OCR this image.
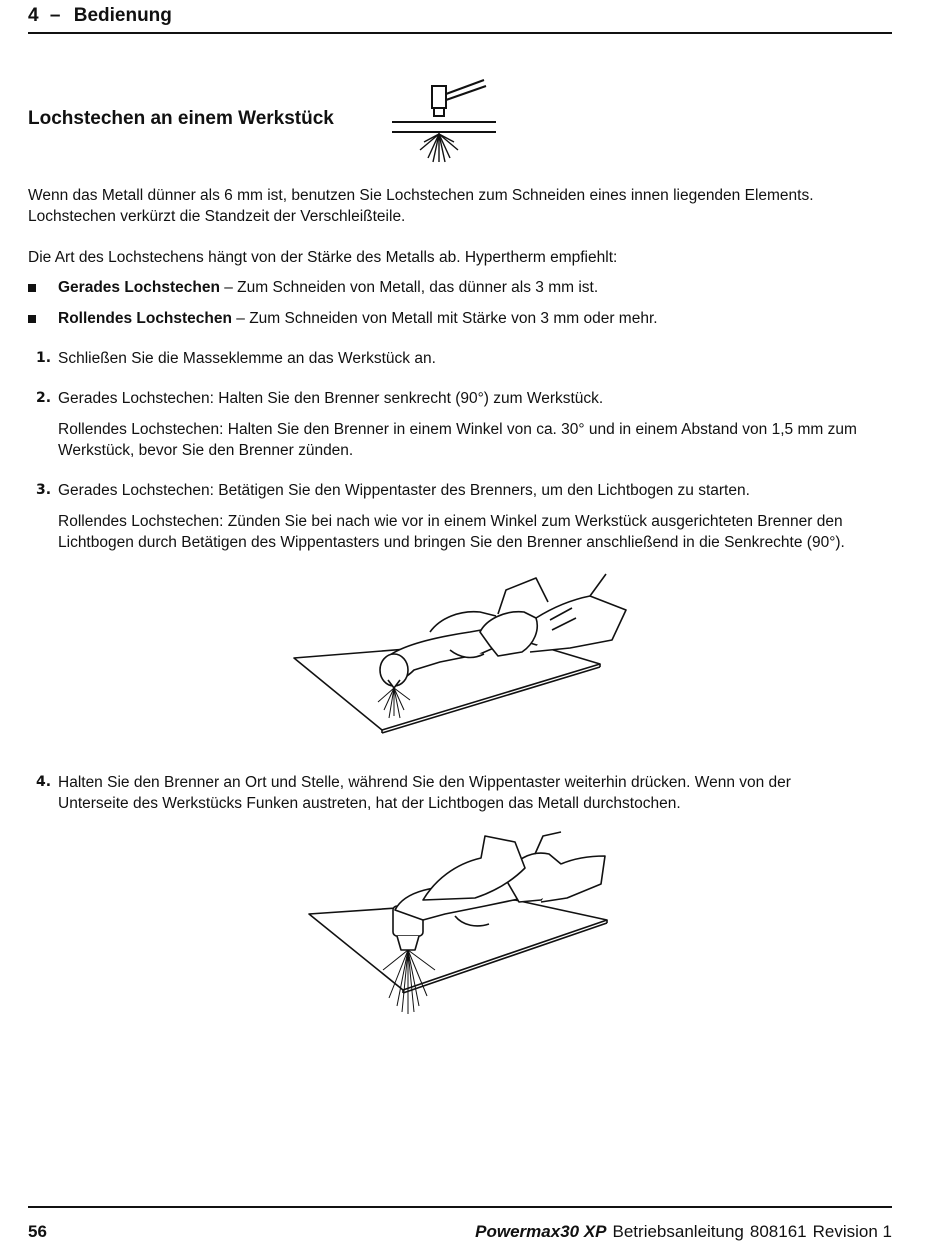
4 – Bedienung
Lochstechen an einem Werkstück
Wenn das Metall dünner als 6 mm ist, benutzen Sie Lochstechen zum Schneiden eines innen liegenden Elements.
Lochstechen verkürzt die Standzeit der Verschleißteile.
Die Art des Lochstechens hängt von der Stärke des Metalls ab. Hypertherm empfiehlt:
Gerades Lochstechen – Zum Schneiden von Metall, das dünner als 3 mm ist.
Rollendes Lochstechen – Zum Schneiden von Metall mit Stärke von 3 mm oder mehr.
1. Schließen Sie die Masseklemme an das Werkstück an.
2. Gerades Lochstechen: Halten Sie den Brenner senkrecht (90°) zum Werkstück.
Rollendes Lochstechen: Halten Sie den Brenner in einem Winkel von ca. 30° und in einem Abstand von 1,5 mm zum
Werkstück, bevor Sie den Brenner zünden.
3. Gerades Lochstechen: Betätigen Sie den Wippentaster des Brenners, um den Lichtbogen zu starten.
Rollendes Lochstechen: Zünden Sie bei nach wie vor in einem Winkel zum Werkstück ausgerichteten Brenner den
Lichtbogen durch Betätigen des Wippentasters und bringen Sie den Brenner anschließend in die Senkrechte (90°).
4. Halten Sie den Brenner an Ort und Stelle, während Sie den Wippentaster weiterhin drücken. Wenn von der
Unterseite des Werkstücks Funken austreten, hat der Lichtbogen das Metall durchstochen.
56	Powermax30 XP Betriebsanleitung 808161 Revision 1
